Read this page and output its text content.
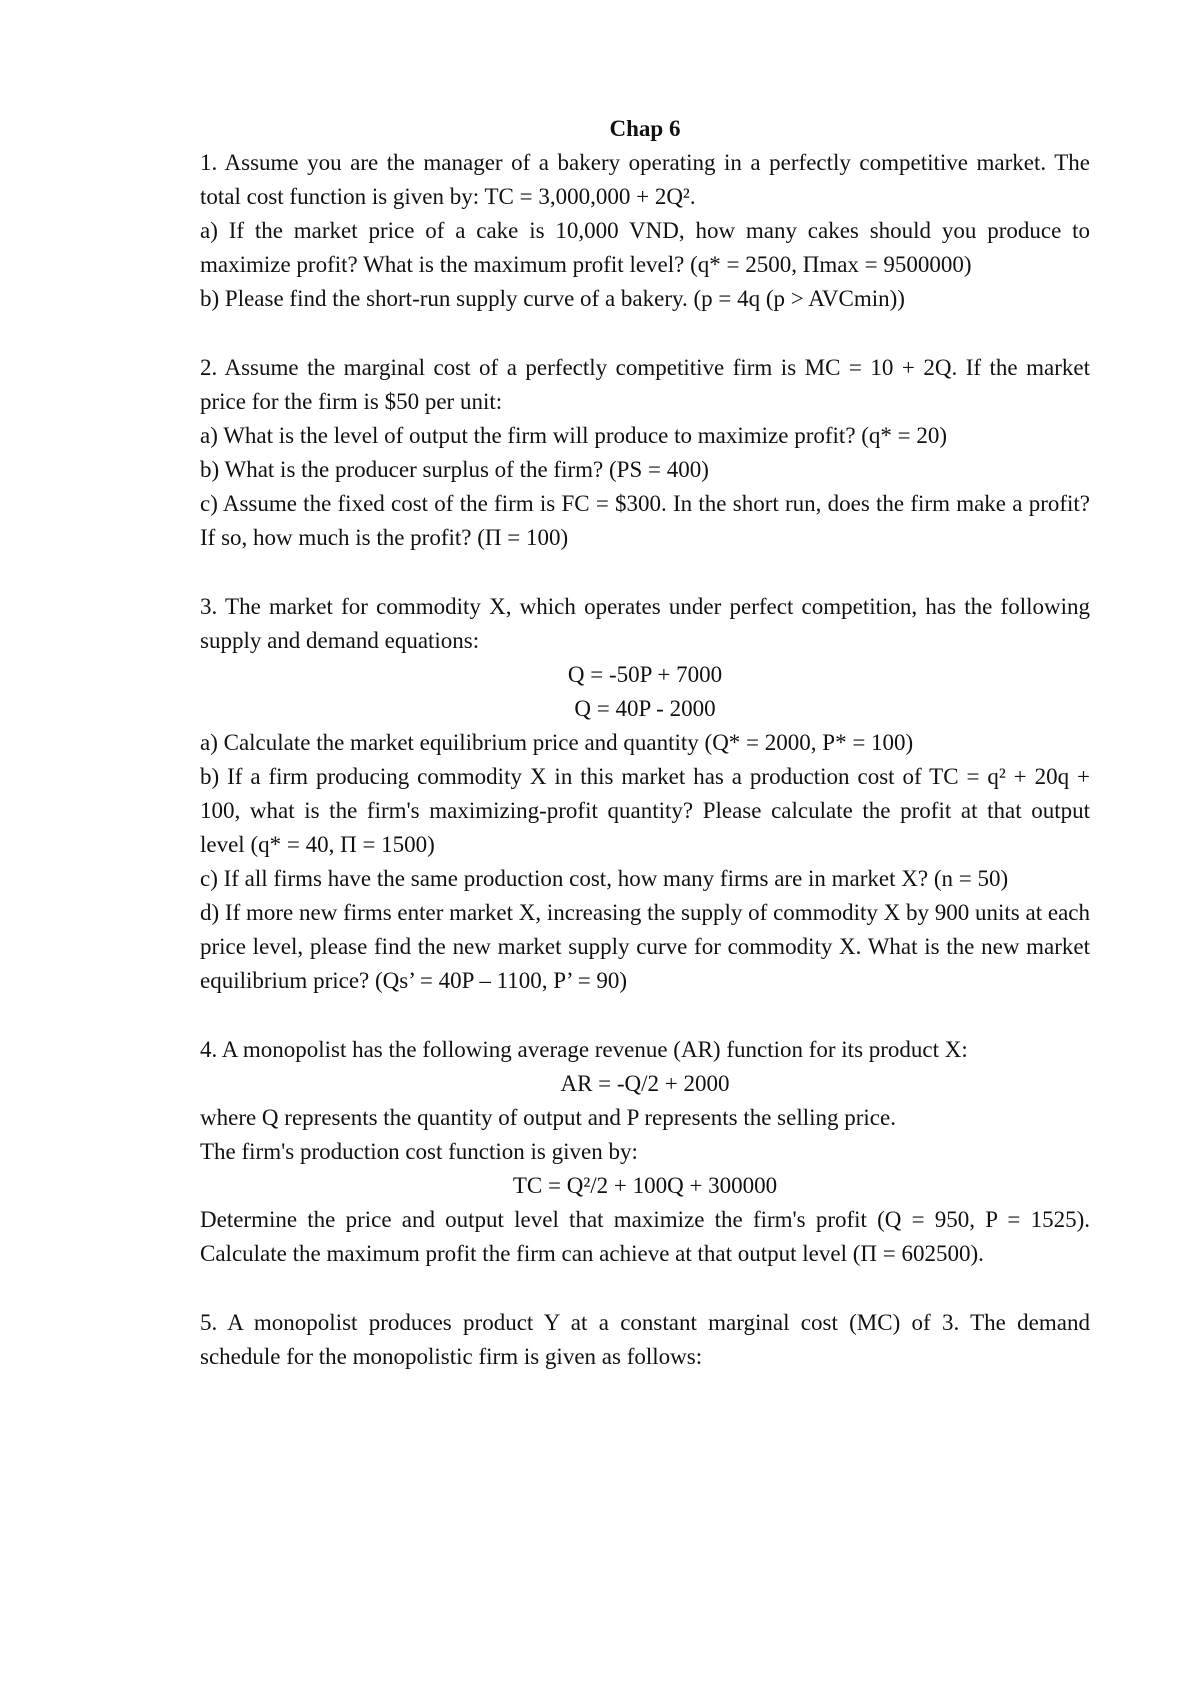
Chap 6

1. Assume you are the manager of a bakery operating in a perfectly competitive market. The total cost function is given by: TC = 3,000,000 + 2Q².

a) If the market price of a cake is 10,000 VND, how many cakes should you produce to maximize profit? What is the maximum profit level? (q* = 2500, Πmax = 9500000)

b) Please find the short-run supply curve of a bakery. (p = 4q (p > AVCmin))

2. Assume the marginal cost of a perfectly competitive firm is MC = 10 + 2Q. If the market price for the firm is $50 per unit:

a) What is the level of output the firm will produce to maximize profit? (q* = 20)

b) What is the producer surplus of the firm? (PS = 400)

c) Assume the fixed cost of the firm is FC = $300. In the short run, does the firm make a profit? If so, how much is the profit? (Π = 100)

3. The market for commodity X, which operates under perfect competition, has the following supply and demand equations:

Q = -50P + 7000

Q = 40P - 2000

a) Calculate the market equilibrium price and quantity (Q* = 2000, P* = 100)

b) If a firm producing commodity X in this market has a production cost of TC = q² + 20q + 100, what is the firm's maximizing-profit quantity? Please calculate the profit at that output level (q* = 40, Π = 1500)

c) If all firms have the same production cost, how many firms are in market X? (n = 50)

d) If more new firms enter market X, increasing the supply of commodity X by 900 units at each price level, please find the new market supply curve for commodity X. What is the new market equilibrium price? (Qs’ = 40P – 1100, P’ = 90)

4. A monopolist has the following average revenue (AR) function for its product X:

AR = -Q/2 + 2000

where Q represents the quantity of output and P represents the selling price.

The firm's production cost function is given by:

TC = Q²/2 + 100Q + 300000

Determine the price and output level that maximize the firm's profit (Q = 950, P = 1525). Calculate the maximum profit the firm can achieve at that output level (Π = 602500).

5. A monopolist produces product Y at a constant marginal cost (MC) of 3. The demand schedule for the monopolistic firm is given as follows:
